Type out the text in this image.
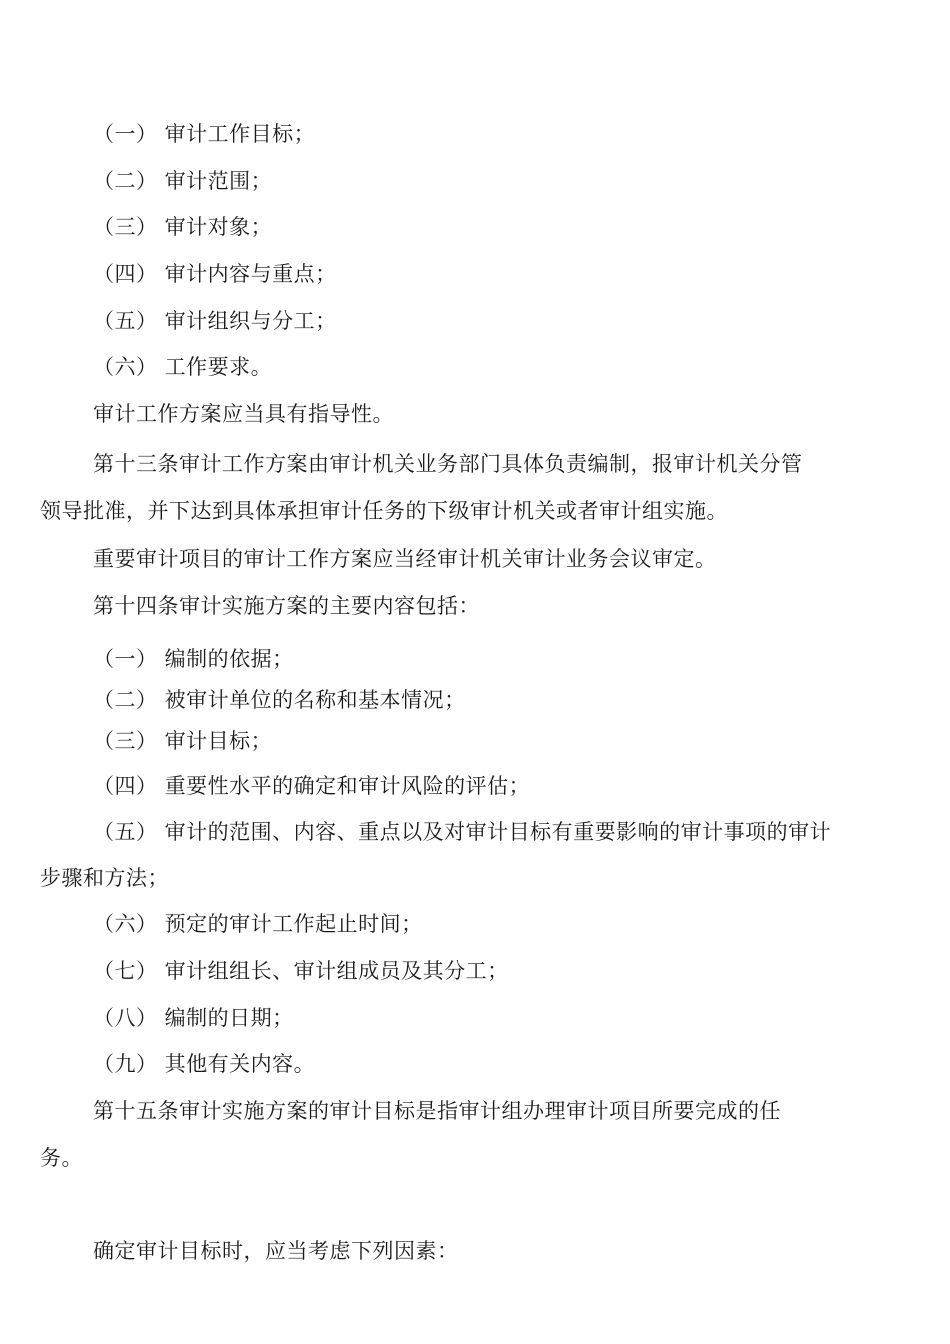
（一） 审计工作目标；
（二） 审计范围；
（三） 审计对象；
（四） 审计内容与重点；
（五） 审计组织与分工；
（六） 工作要求。
审计工作方案应当具有指导性。
第十三条审计工作方案由审计机关业务部门具体负责编制，报审计机关分管
领导批准，并下达到具体承担审计任务的下级审计机关或者审计组实施。
重要审计项目的审计工作方案应当经审计机关审计业务会议审定。
第十四条审计实施方案的主要内容包括：
（一） 编制的依据；
（二） 被审计单位的名称和基本情况；
（三） 审计目标；
（四） 重要性水平的确定和审计风险的评估；
（五） 审计的范围、内容、重点以及对审计目标有重要影响的审计事项的审计
步骤和方法；
（六） 预定的审计工作起止时间；
（七） 审计组组长、审计组成员及其分工；
（八） 编制的日期；
（九） 其他有关内容。
第十五条审计实施方案的审计目标是指审计组办理审计项目所要完成的任
务。
确定审计目标时，应当考虑下列因素：
